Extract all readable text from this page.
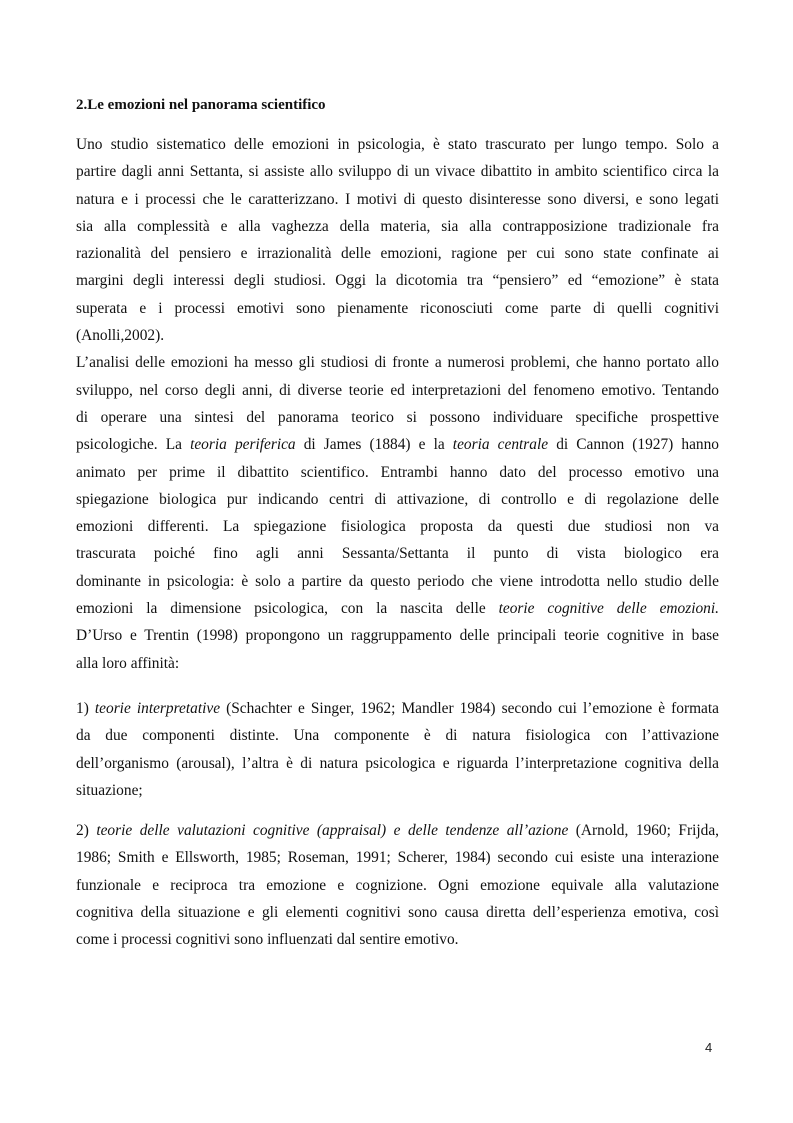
2.Le emozioni nel panorama scientifico
Uno studio sistematico delle emozioni in psicologia, è stato trascurato per lungo tempo. Solo a
partire dagli anni Settanta, si assiste allo sviluppo di un vivace dibattito in ambito scientifico circa la
natura e i processi che le caratterizzano. I motivi di questo disinteresse sono diversi, e sono legati
sia alla complessità e alla vaghezza della materia, sia alla contrapposizione tradizionale fra
razionalità del pensiero e irrazionalità delle emozioni, ragione per cui sono state confinate ai
margini degli interessi degli studiosi. Oggi la dicotomia tra “pensiero” ed “emozione” è stata
superata e i processi emotivi sono pienamente riconosciuti come parte di quelli cognitivi
(Anolli,2002).
L’analisi delle emozioni ha messo gli studiosi di fronte a numerosi problemi, che hanno portato allo
sviluppo, nel corso degli anni, di diverse teorie ed interpretazioni del fenomeno emotivo. Tentando
di operare una sintesi del panorama teorico si possono individuare specifiche prospettive
psicologiche. La teoria periferica di James (1884) e la teoria centrale di Cannon (1927) hanno
animato per prime il dibattito scientifico. Entrambi hanno dato del processo emotivo una
spiegazione biologica pur indicando centri di attivazione, di controllo e di regolazione delle
emozioni differenti. La spiegazione fisiologica proposta da questi due studiosi non va
trascurata poiché fino agli anni Sessanta/Settanta il punto di vista biologico era
dominante in psicologia: è solo a partire da questo periodo che viene introdotta nello studio delle
emozioni la dimensione psicologica, con la nascita delle teorie cognitive delle emozioni.
D’Urso e Trentin (1998) propongono un raggruppamento delle principali teorie cognitive in base
alla loro affinità:
1) teorie interpretative (Schachter e Singer, 1962; Mandler 1984) secondo cui l’emozione è formata
da due componenti distinte. Una componente è di natura fisiologica con l’attivazione
dell’organismo (arousal), l’altra è di natura psicologica e riguarda l’interpretazione cognitiva della
situazione;
2) teorie delle valutazioni cognitive (appraisal) e delle tendenze all’azione (Arnold, 1960; Frijda,
1986; Smith e Ellsworth, 1985; Roseman, 1991; Scherer, 1984) secondo cui esiste una interazione
funzionale e reciproca tra emozione e cognizione. Ogni emozione equivale alla valutazione
cognitiva della situazione e gli elementi cognitivi sono causa diretta dell’esperienza emotiva, così
come i processi cognitivi sono influenzati dal sentire emotivo.
4
